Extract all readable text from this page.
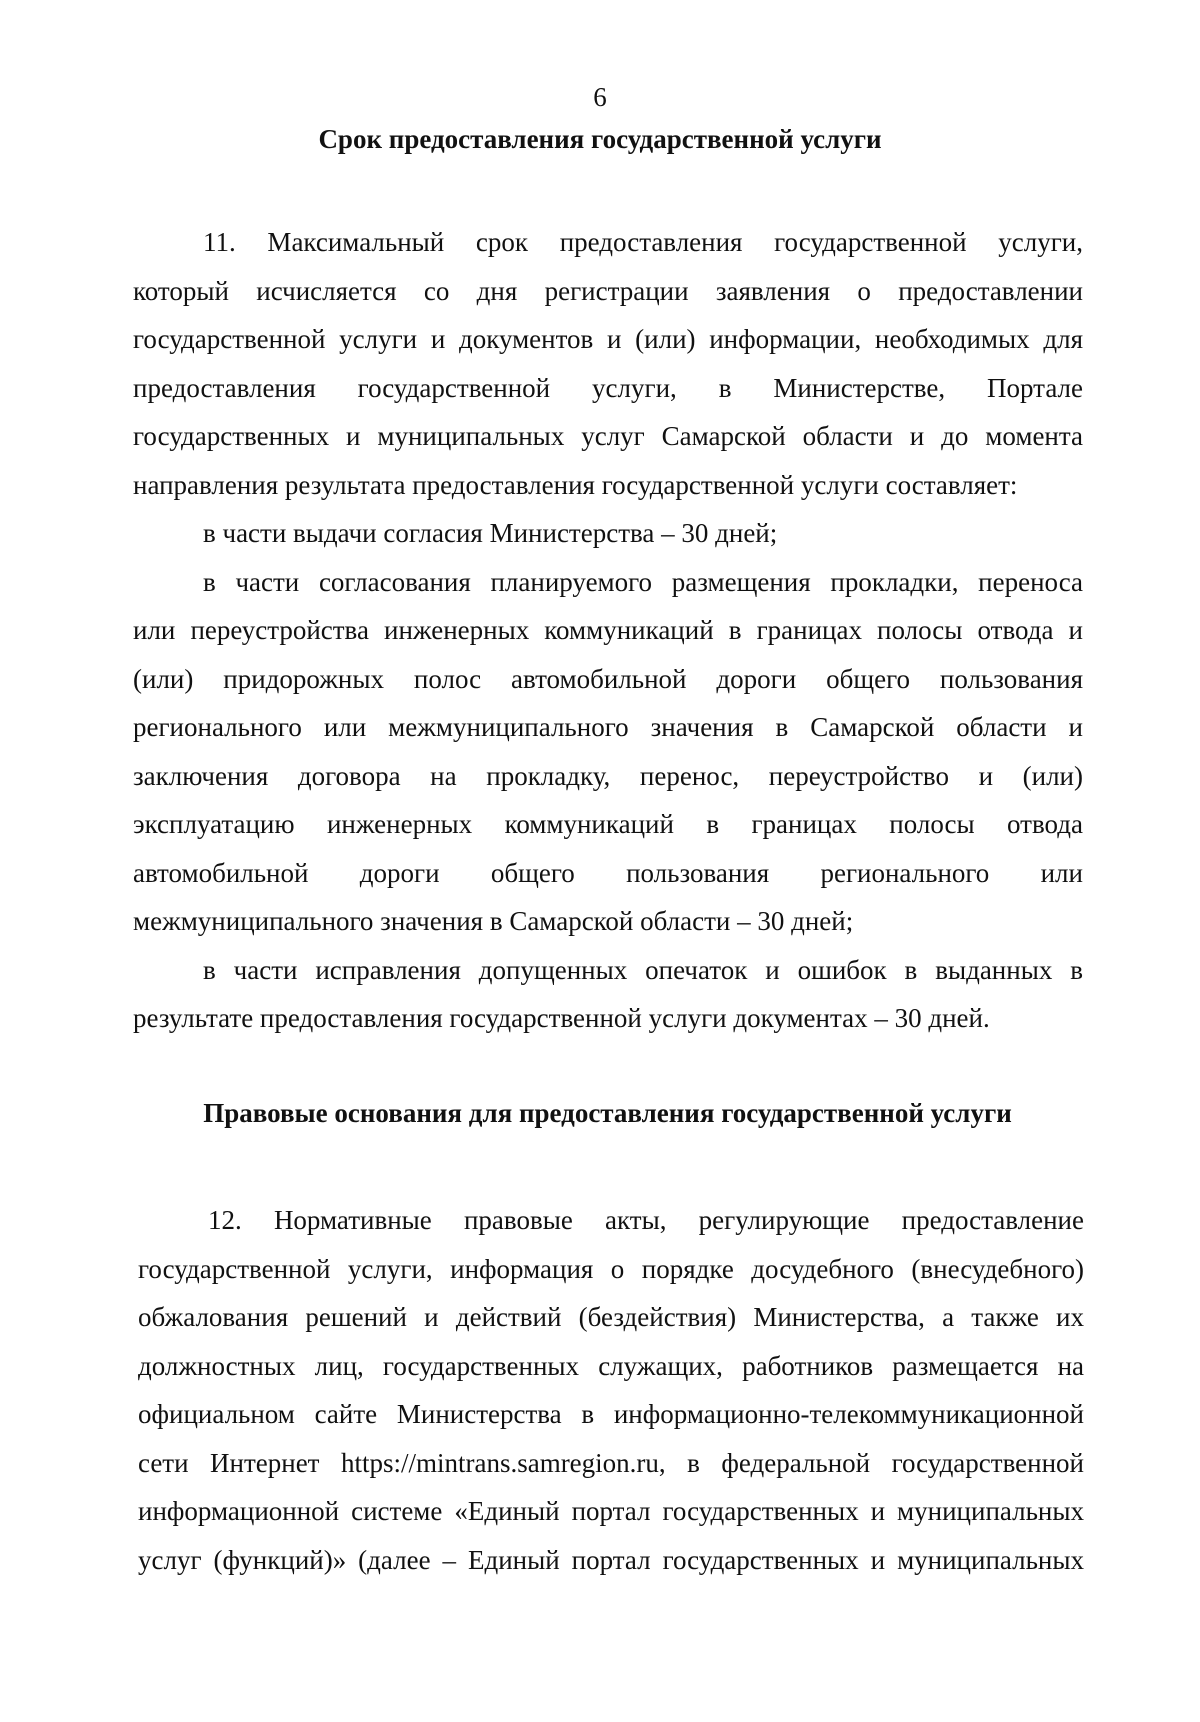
6
Срок предоставления государственной услуги
11. Максимальный срок предоставления государственной услуги,
который исчисляется со дня регистрации заявления о предоставлении
государственной услуги и документов и (или) информации, необходимых для
предоставления государственной услуги, в Министерстве, Портале
государственных и муниципальных услуг Самарской области и до момента
направления результата предоставления государственной услуги составляет:
в части выдачи согласия Министерства – 30 дней;
в части согласования планируемого размещения прокладки, переноса
или переустройства инженерных коммуникаций в границах полосы отвода и
(или) придорожных полос автомобильной дороги общего пользования
регионального или межмуниципального значения в Самарской области и
заключения договора на прокладку, перенос, переустройство и (или)
эксплуатацию инженерных коммуникаций в границах полосы отвода
автомобильной дороги общего пользования регионального или
межмуниципального значения в Самарской области – 30 дней;
в части исправления допущенных опечаток и ошибок в выданных в
результате предоставления государственной услуги документах – 30 дней.
Правовые основания для предоставления государственной услуги
12. Нормативные правовые акты, регулирующие предоставление
государственной услуги, информация о порядке досудебного (внесудебного)
обжалования решений и действий (бездействия) Министерства, а также их
должностных лиц, государственных служащих, работников размещается на
официальном сайте Министерства в информационно-телекоммуникационной
сети Интернет https://mintrans.samregion.ru, в федеральной государственной
информационной системе «Единый портал государственных и муниципальных
услуг (функций)» (далее – Единый портал государственных и муниципальных
